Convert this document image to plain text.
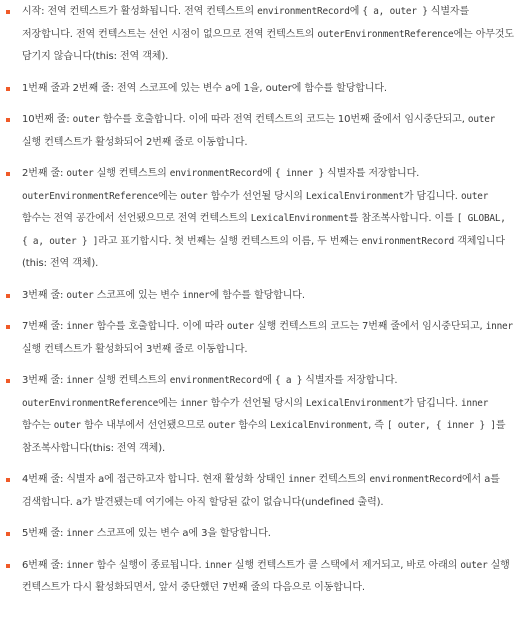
시작: 전역 컨텍스트가 활성화됩니다. 전역 컨텍스트의 environmentRecord에 { a, outer } 식별자를 저장합니다. 전역 컨텍스트는 선언 시점이 없으므로 전역 컨텍스트의 outerEnvironmentReference에는 아무것도 담기지 않습니다(this: 전역 객체).
1번째 줄과 2번째 줄: 전역 스코프에 있는 변수 a에 1을, outer에 함수를 할당합니다.
10번째 줄: outer 함수를 호출합니다. 이에 따라 전역 컨텍스트의 코드는 10번째 줄에서 임시중단되고, outer 실행 컨텍스트가 활성화되어 2번째 줄로 이동합니다.
2번째 줄: outer 실행 컨텍스트의 environmentRecord에 { inner } 식별자를 저장합니다. outerEnvironmentReference에는 outer 함수가 선언될 당시의 LexicalEnvironment가 담깁니다. outer 함수는 전역 공간에서 선언됐으므로 전역 컨텍스트의 LexicalEnvironment를 참조복사합니다. 이를 [ GLOBAL, { a, outer } ]라고 표기합시다. 첫 번째는 실행 컨텍스트의 이름, 두 번째는 environmentRecord 객체입니다(this: 전역 객체).
3번째 줄: outer 스코프에 있는 변수 inner에 함수를 할당합니다.
7번째 줄: inner 함수를 호출합니다. 이에 따라 outer 실행 컨텍스트의 코드는 7번째 줄에서 임시중단되고, inner 실행 컨텍스트가 활성화되어 3번째 줄로 이동합니다.
3번째 줄: inner 실행 컨텍스트의 environmentRecord에 { a } 식별자를 저장합니다. outerEnvironmentReference에는 inner 함수가 선언될 당시의 LexicalEnvironment가 담깁니다. inner 함수는 outer 함수 내부에서 선언됐으므로 outer 함수의 LexicalEnvironment, 즉 [ outer, { inner } ]를 참조복사합니다(this: 전역 객체).
4번째 줄: 식별자 a에 접근하고자 합니다. 현재 활성화 상태인 inner 컨텍스트의 environmentRecord에서 a를 검색합니다. a가 발견됐는데 여기에는 아직 할당된 값이 없습니다(undefined 출력).
5번째 줄: inner 스코프에 있는 변수 a에 3을 할당합니다.
6번째 줄: inner 함수 실행이 종료됩니다. inner 실행 컨텍스트가 콜 스택에서 제거되고, 바로 아래의 outer 실행 컨텍스트가 다시 활성화되면서, 앞서 중단했던 7번째 줄의 다음으로 이동합니다.
